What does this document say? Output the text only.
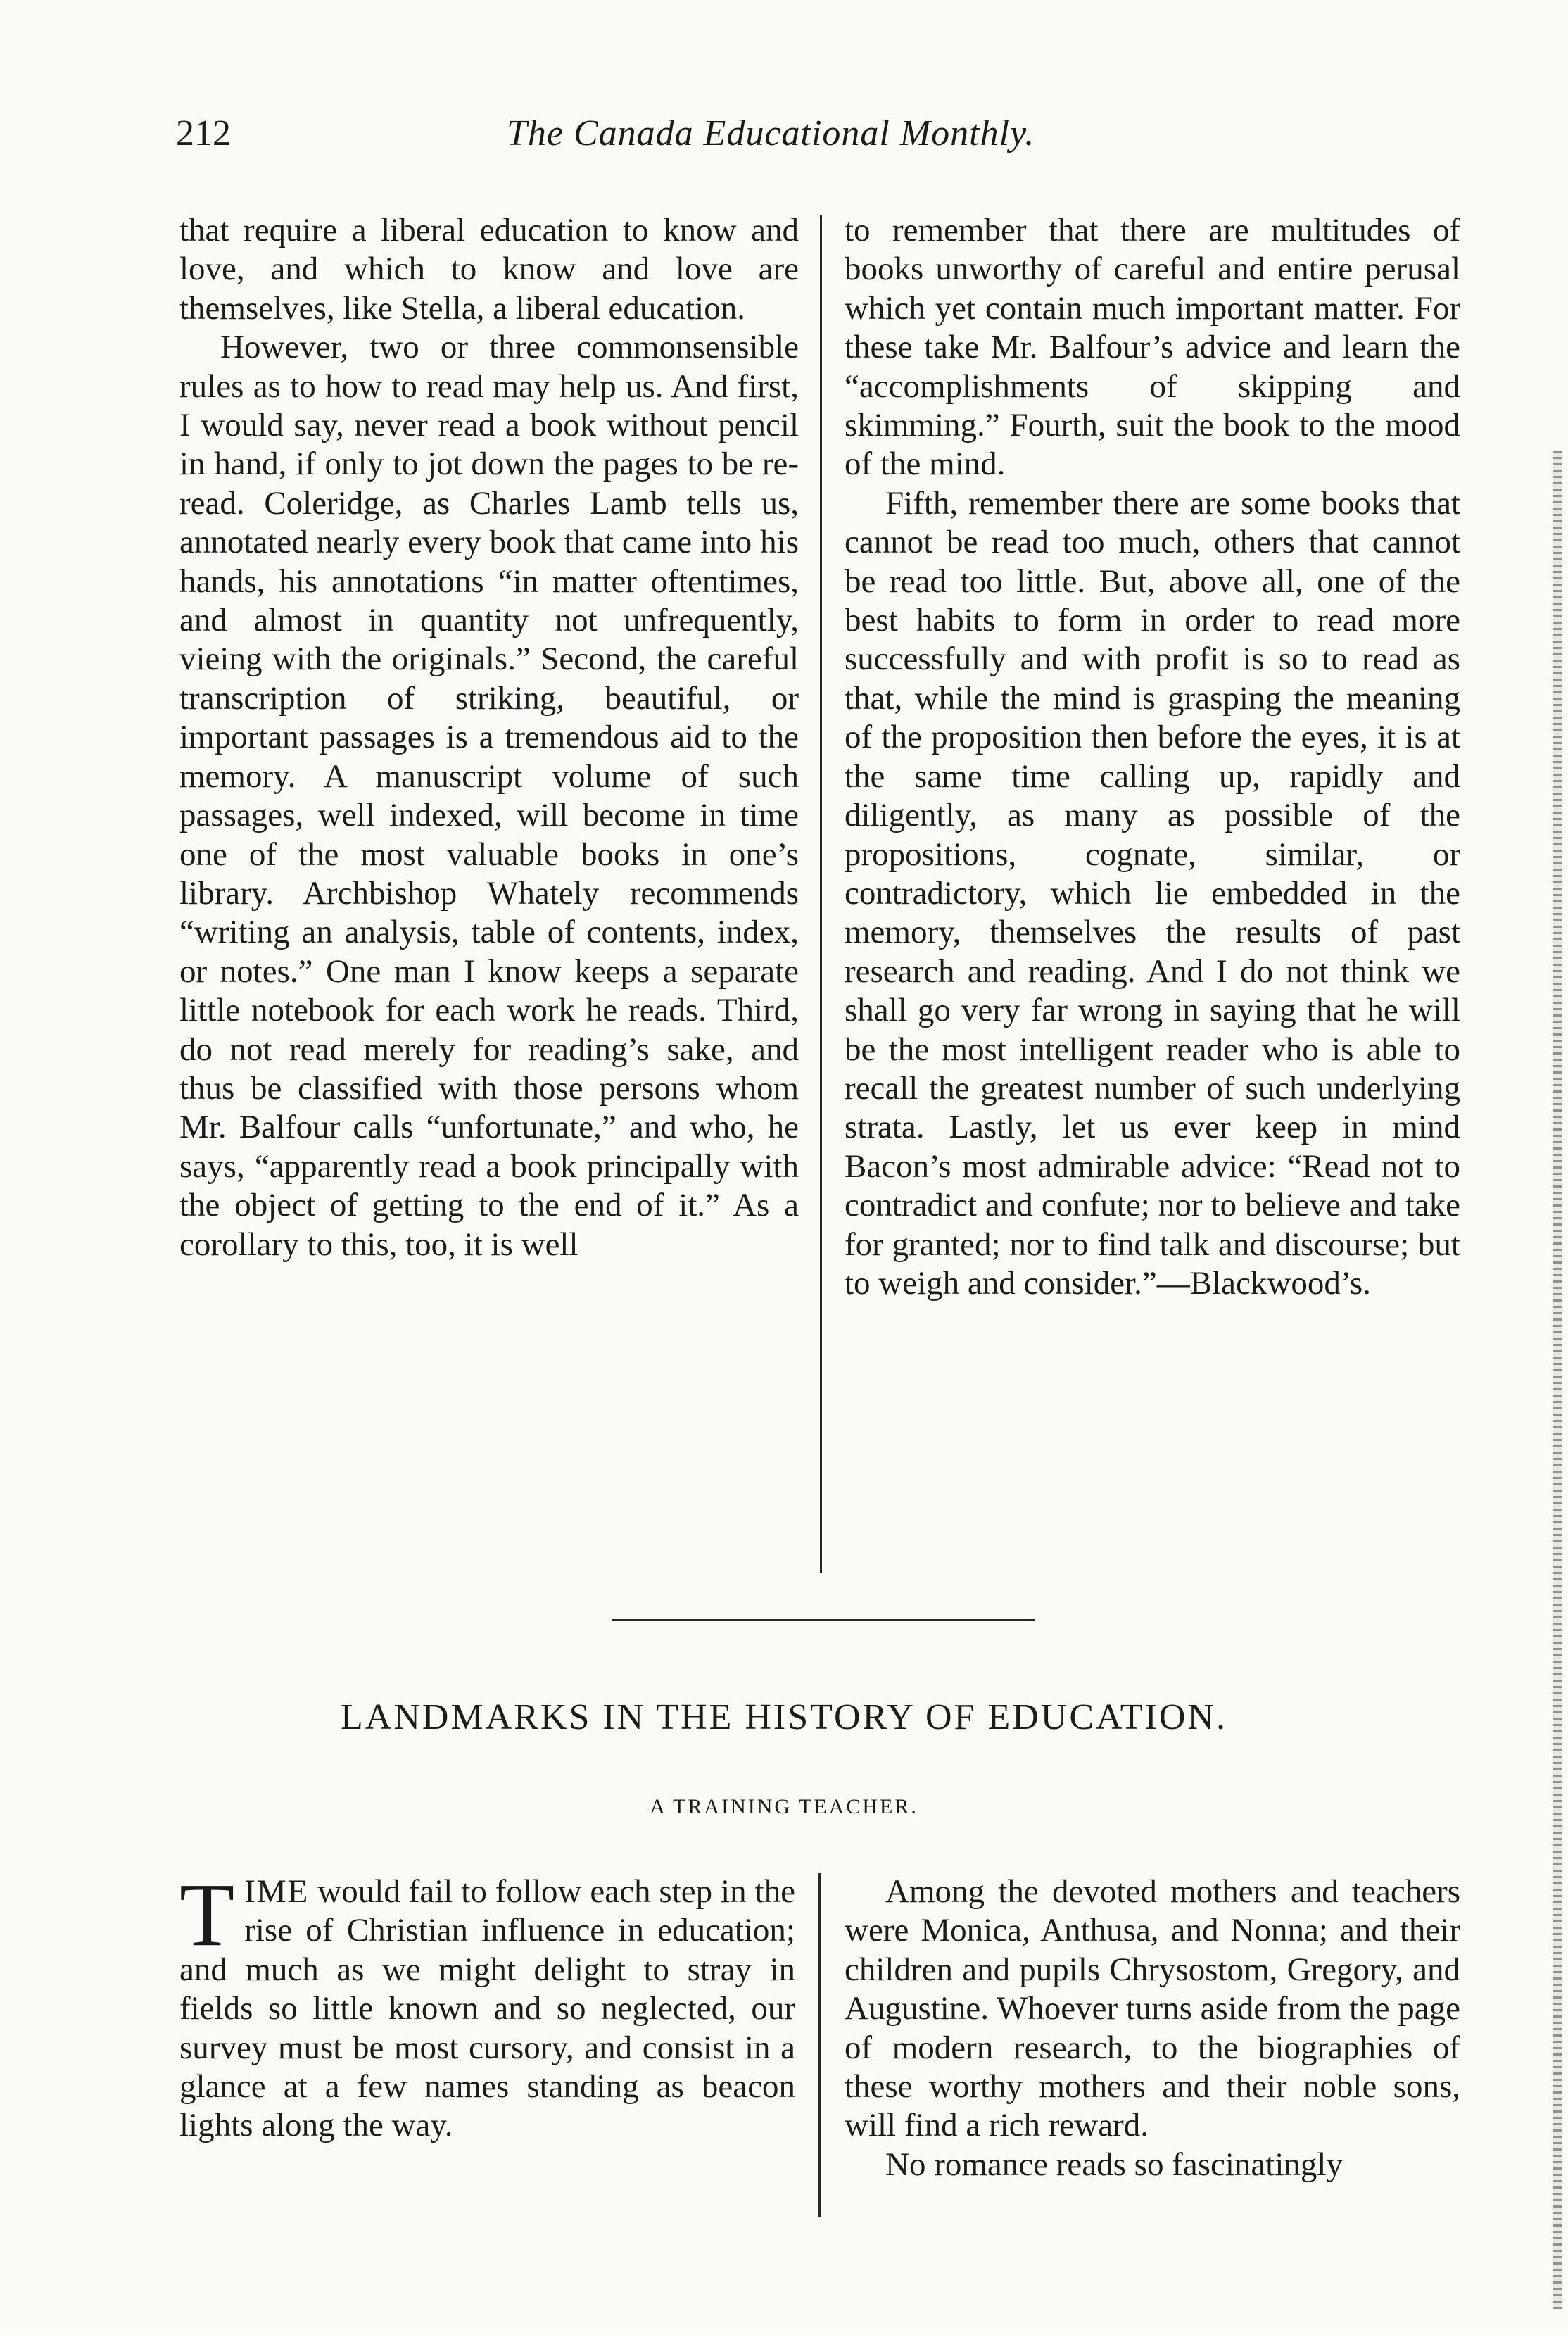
212	The Canada Educational Monthly.

that require a liberal education to know and love, and which to know and love are themselves, like Stella, a liberal education.

However, two or three commonsensible rules as to how to read may help us. And first, I would say, never read a book without pencil in hand, if only to jot down the pages to be reread. Coleridge, as Charles Lamb tells us, annotated nearly every book that came into his hands, his annotations “in matter oftentimes, and almost in quantity not unfrequently, vieing with the originals.” Second, the careful transcription of striking, beautiful, or important passages is a tremendous aid to the memory. A manuscript volume of such passages, well indexed, will become in time one of the most valuable books in one’s library. Archbishop Whately recommends “writing an analysis, table of contents, index, or notes.” One man I know keeps a separate little notebook for each work he reads. Third, do not read merely for reading’s sake, and thus be classified with those persons whom Mr. Balfour calls “unfortunate,” and who, he says, “apparently read a book principally with the object of getting to the end of it.” As a corollary to this, too, it is well

to remember that there are multitudes of books unworthy of careful and entire perusal which yet contain much important matter. For these take Mr. Balfour’s advice and learn the “accomplishments of skipping and skimming.” Fourth, suit the book to the mood of the mind.

Fifth, remember there are some books that cannot be read too much, others that cannot be read too little. But, above all, one of the best habits to form in order to read more successfully and with profit is so to read as that, while the mind is grasping the meaning of the proposition then before the eyes, it is at the same time calling up, rapidly and diligently, as many as possible of the propositions, cognate, similar, or contradictory, which lie embedded in the memory, themselves the results of past research and reading. And I do not think we shall go very far wrong in saying that he will be the most intelligent reader who is able to recall the greatest number of such underlying strata. Lastly, let us ever keep in mind Bacon’s most admirable advice: “Read not to contradict and confute; nor to believe and take for granted; nor to find talk and discourse; but to weigh and consider.”—Blackwood’s.

LANDMARKS IN THE HISTORY OF EDUCATION.
A TRAINING TEACHER.

TIME would fail to follow each step in the rise of Christian influence in education; and much as we might delight to stray in fields so little known and so neglected, our survey must be most cursory, and consist in a glance at a few names standing as beacon lights along the way.

Among the devoted mothers and teachers were Monica, Anthusa, and Nonna; and their children and pupils Chrysostom, Gregory, and Augustine. Whoever turns aside from the page of modern research, to the biographies of these worthy mothers and their noble sons, will find a rich reward.

No romance reads so fascinatingly
